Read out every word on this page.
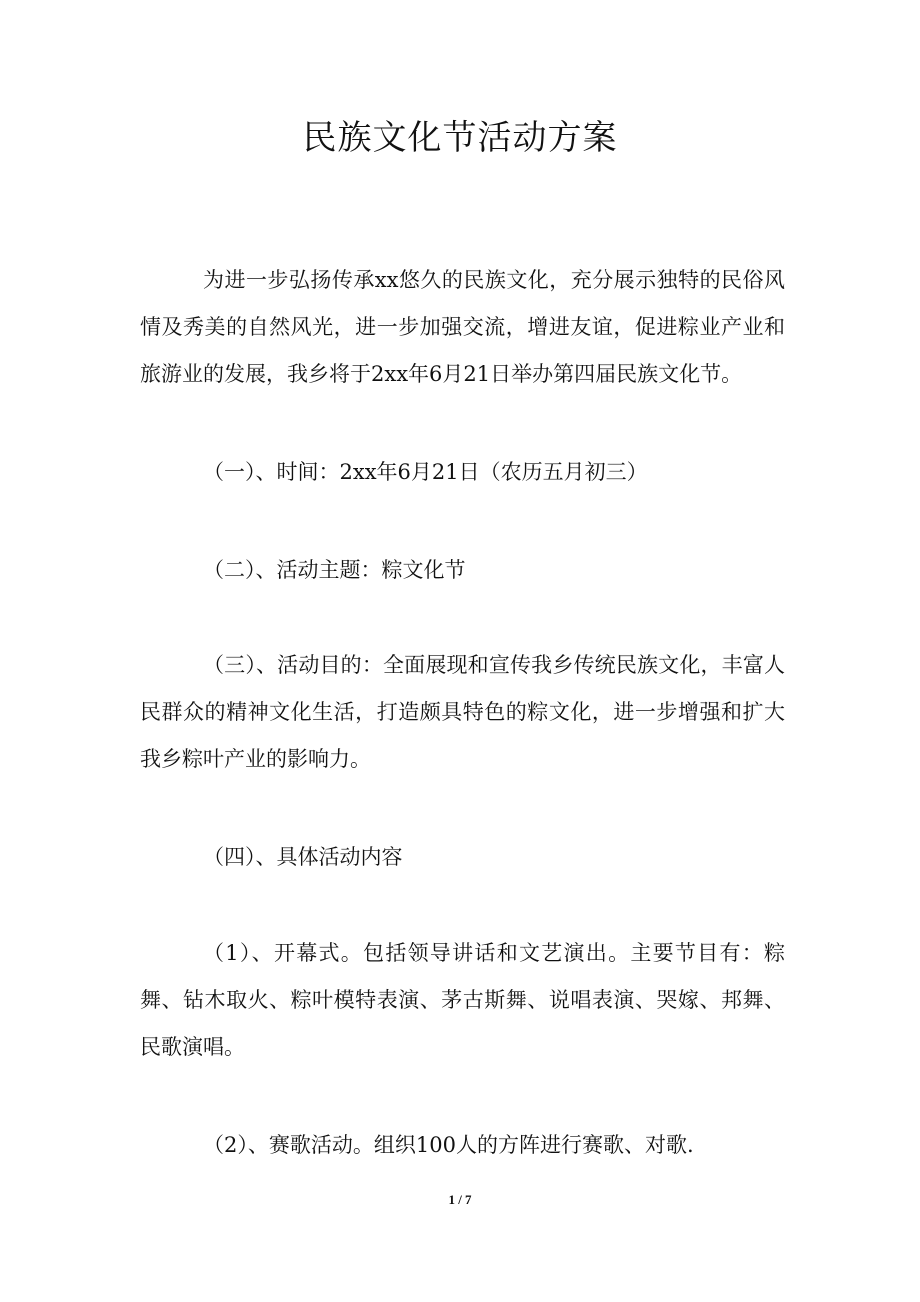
民族文化节活动方案

为进一步弘扬传承xx悠久的民族文化，充分展示独特的民俗风情及秀美的自然风光，进一步加强交流，增进友谊，促进粽业产业和旅游业的发展，我乡将于2xx年6月21日举办第四届民族文化节。

（一）、时间：2xx年6月21日（农历五月初三）

（二）、活动主题：粽文化节

（三）、活动目的：全面展现和宣传我乡传统民族文化，丰富人民群众的精神文化生活，打造颇具特色的粽文化，进一步增强和扩大我乡粽叶产业的影响力。

（四）、具体活动内容

（1）、开幕式。包括领导讲话和文艺演出。主要节目有：粽舞、钻木取火、粽叶模特表演、茅古斯舞、说唱表演、哭嫁、邦舞、民歌演唱。

（2）、赛歌活动。组织100人的方阵进行赛歌、对歌.

1 / 7
